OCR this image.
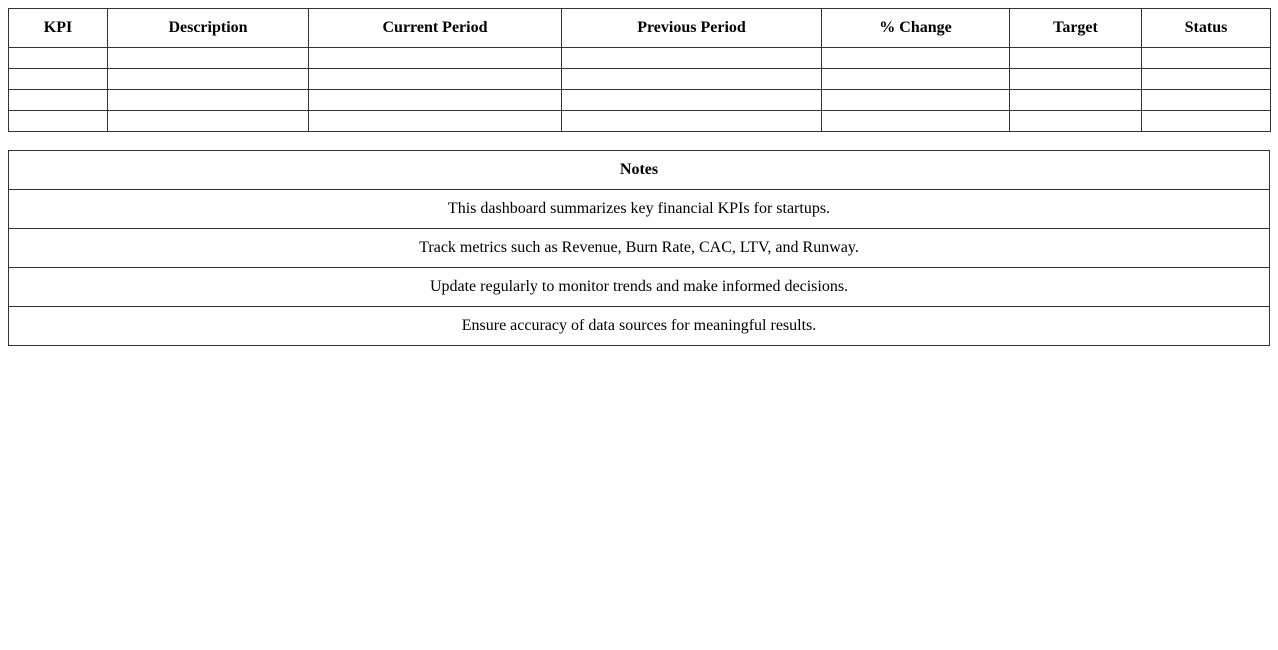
KPI	Description	Current Period	Previous Period	% Change	Target	Status

Notes
This dashboard summarizes key financial KPIs for startups.
Track metrics such as Revenue, Burn Rate, CAC, LTV, and Runway.
Update regularly to monitor trends and make informed decisions.
Ensure accuracy of data sources for meaningful results.
